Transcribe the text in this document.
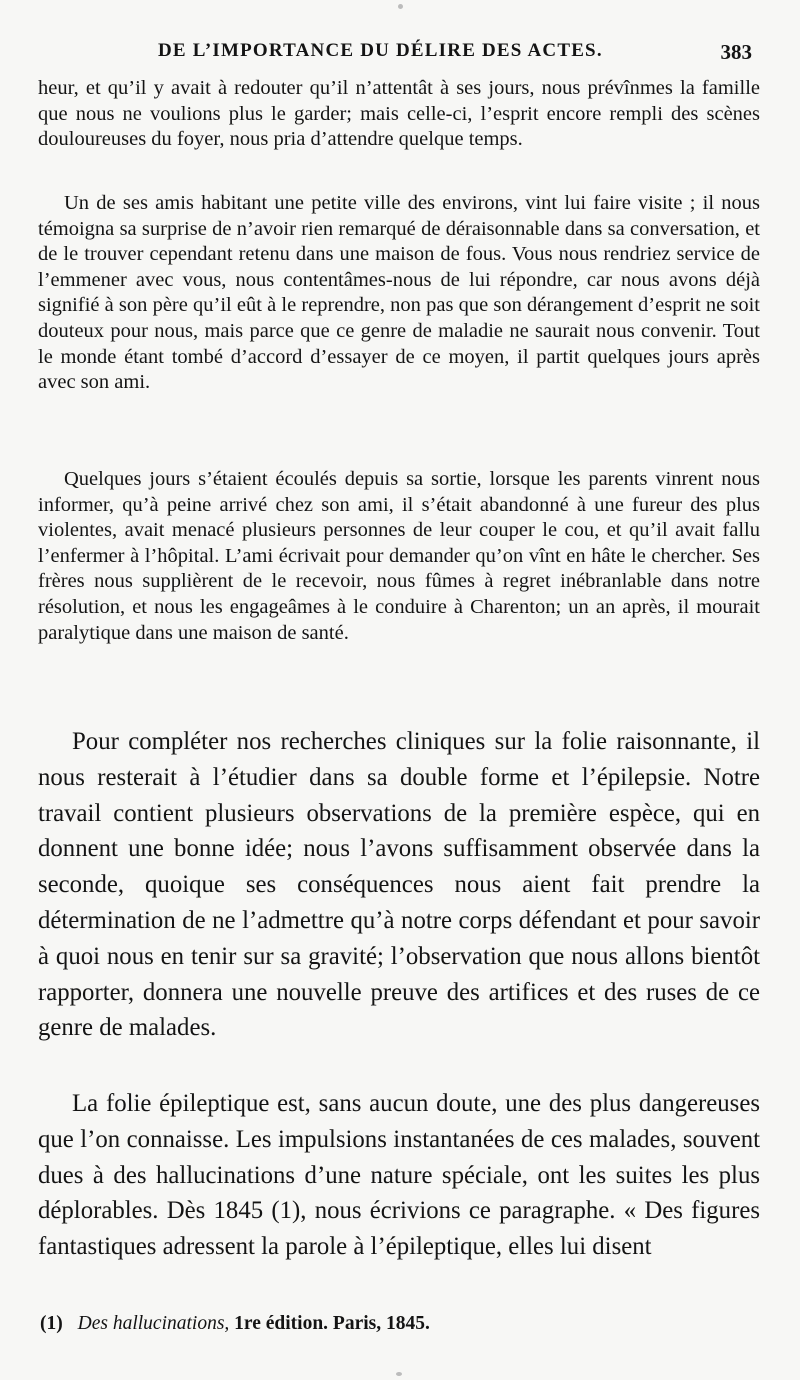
DE L’IMPORTANCE DU DÉLIRE DES ACTES.	383

heur, et qu’il y avait à redouter qu’il n’attentât à ses jours, nous prévînmes la famille que nous ne voulions plus le garder; mais celle-ci, l’esprit encore rempli des scènes douloureuses du foyer, nous pria d’attendre quelque temps.

Un de ses amis habitant une petite ville des environs, vint lui faire visite ; il nous témoigna sa surprise de n’avoir rien remarqué de déraisonnable dans sa conversation, et de le trouver cependant retenu dans une maison de fous. Vous nous rendriez service de l’emmener avec vous, nous contentâmes-nous de lui répondre, car nous avons déjà signifié à son père qu’il eût à le reprendre, non pas que son dérangement d’esprit ne soit douteux pour nous, mais parce que ce genre de maladie ne saurait nous convenir. Tout le monde étant tombé d’accord d’essayer de ce moyen, il partit quelques jours après avec son ami.

Quelques jours s’étaient écoulés depuis sa sortie, lorsque les parents vinrent nous informer, qu’à peine arrivé chez son ami, il s’était abandonné à une fureur des plus violentes, avait menacé plusieurs personnes de leur couper le cou, et qu’il avait fallu l’enfermer à l’hôpital. L’ami écrivait pour demander qu’on vînt en hâte le chercher. Ses frères nous supplièrent de le recevoir, nous fûmes à regret inébranlable dans notre résolution, et nous les engageâmes à le conduire à Charenton; un an après, il mourait paralytique dans une maison de santé.

Pour compléter nos recherches cliniques sur la folie raisonnante, il nous resterait à l’étudier dans sa double forme et l’épilepsie. Notre travail contient plusieurs observations de la première espèce, qui en donnent une bonne idée; nous l’avons suffisamment observée dans la seconde, quoique ses conséquences nous aient fait prendre la détermination de ne l’admettre qu’à notre corps défendant et pour savoir à quoi nous en tenir sur sa gravité; l’observation que nous allons bientôt rapporter, donnera une nouvelle preuve des artifices et des ruses de ce genre de malades.

La folie épileptique est, sans aucun doute, une des plus dangereuses que l’on connaisse. Les impulsions instantanées de ces malades, souvent dues à des hallucinations d’une nature spéciale, ont les suites les plus déplorables. Dès 1845 (1), nous écrivions ce paragraphe. « Des figures fantastiques adressent la parole à l’épileptique, elles lui disent

(1) Des hallucinations, 1re édition. Paris, 1845.
